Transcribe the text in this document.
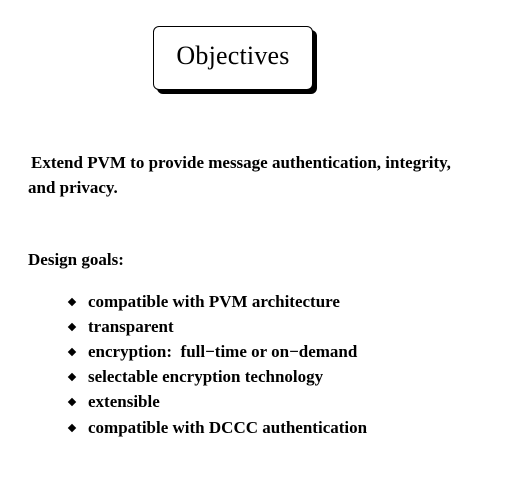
Objectives
Extend PVM to provide message authentication, integrity,
and privacy.
Design goals:
compatible with PVM architecture
transparent
encryption:  full−time or on−demand
selectable encryption technology
extensible
compatible with DCCC authentication
